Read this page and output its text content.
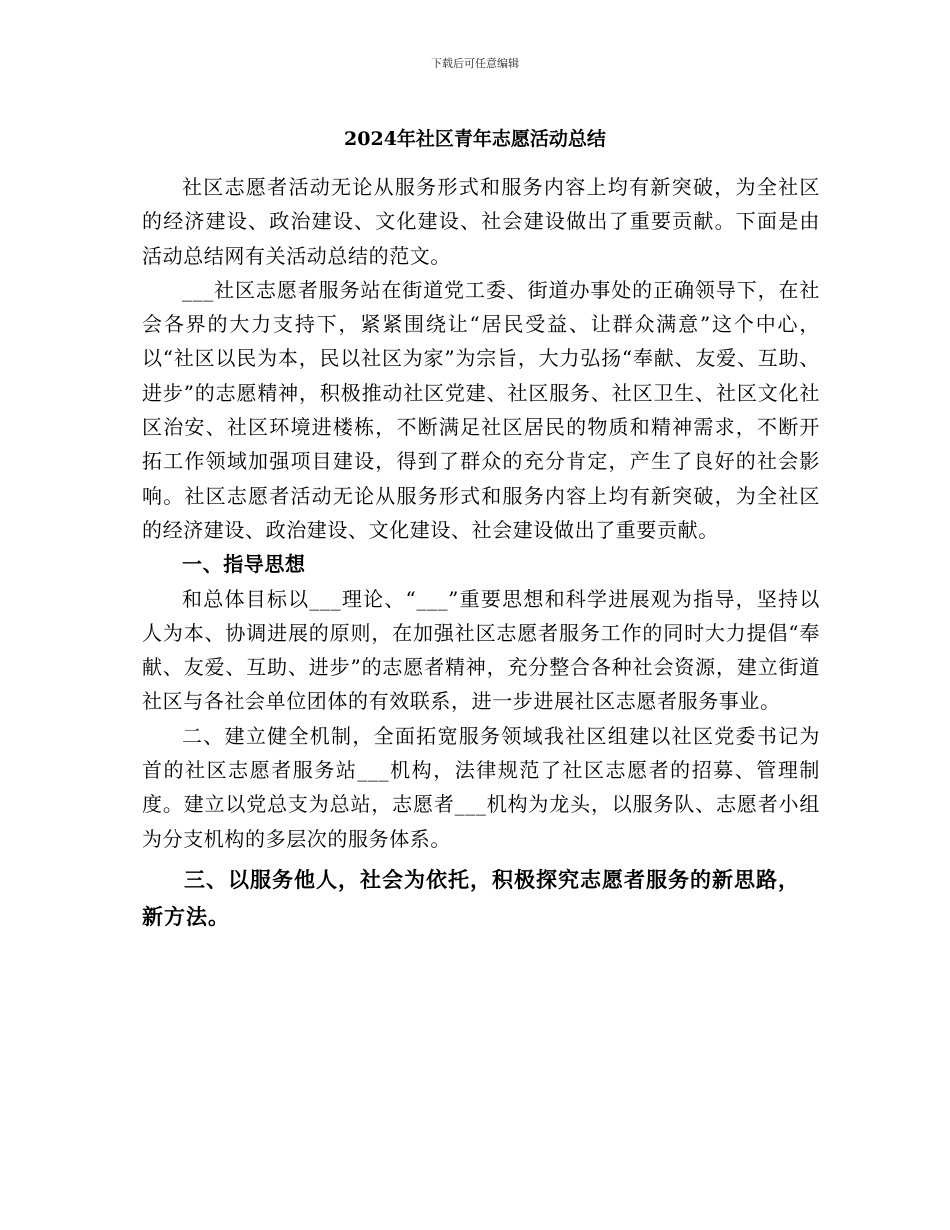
下载后可任意编辑
2024年社区青年志愿活动总结

社区志愿者活动无论从服务形式和服务内容上均有新突破，为全社区的经济建设、政治建设、文化建设、社会建设做出了重要贡献。下面是由活动总结网有关活动总结的范文。

___社区志愿者服务站在街道党工委、街道办事处的正确领导下，在社会各界的大力支持下，紧紧围绕让“居民受益、让群众满意”这个中心，以“社区以民为本，民以社区为家”为宗旨，大力弘扬“奉献、友爱、互助、进步”的志愿精神，积极推动社区党建、社区服务、社区卫生、社区文化社区治安、社区环境进楼栋，不断满足社区居民的物质和精神需求，不断开拓工作领域加强项目建设，得到了群众的充分肯定，产生了良好的社会影响。社区志愿者活动无论从服务形式和服务内容上均有新突破，为全社区的经济建设、政治建设、文化建设、社会建设做出了重要贡献。

一、指导思想

和总体目标以___理论、“___”重要思想和科学进展观为指导，坚持以人为本、协调进展的原则，在加强社区志愿者服务工作的同时大力提倡“奉献、友爱、互助、进步”的志愿者精神，充分整合各种社会资源，建立街道社区与各社会单位团体的有效联系，进一步进展社区志愿者服务事业。

二、建立健全机制，全面拓宽服务领域我社区组建以社区党委书记为首的社区志愿者服务站___机构，法律规范了社区志愿者的招募、管理制度。建立以党总支为总站，志愿者___机构为龙头，以服务队、志愿者小组为分支机构的多层次的服务体系。

三、以服务他人，社会为依托，积极探究志愿者服务的新思路，新方法。
